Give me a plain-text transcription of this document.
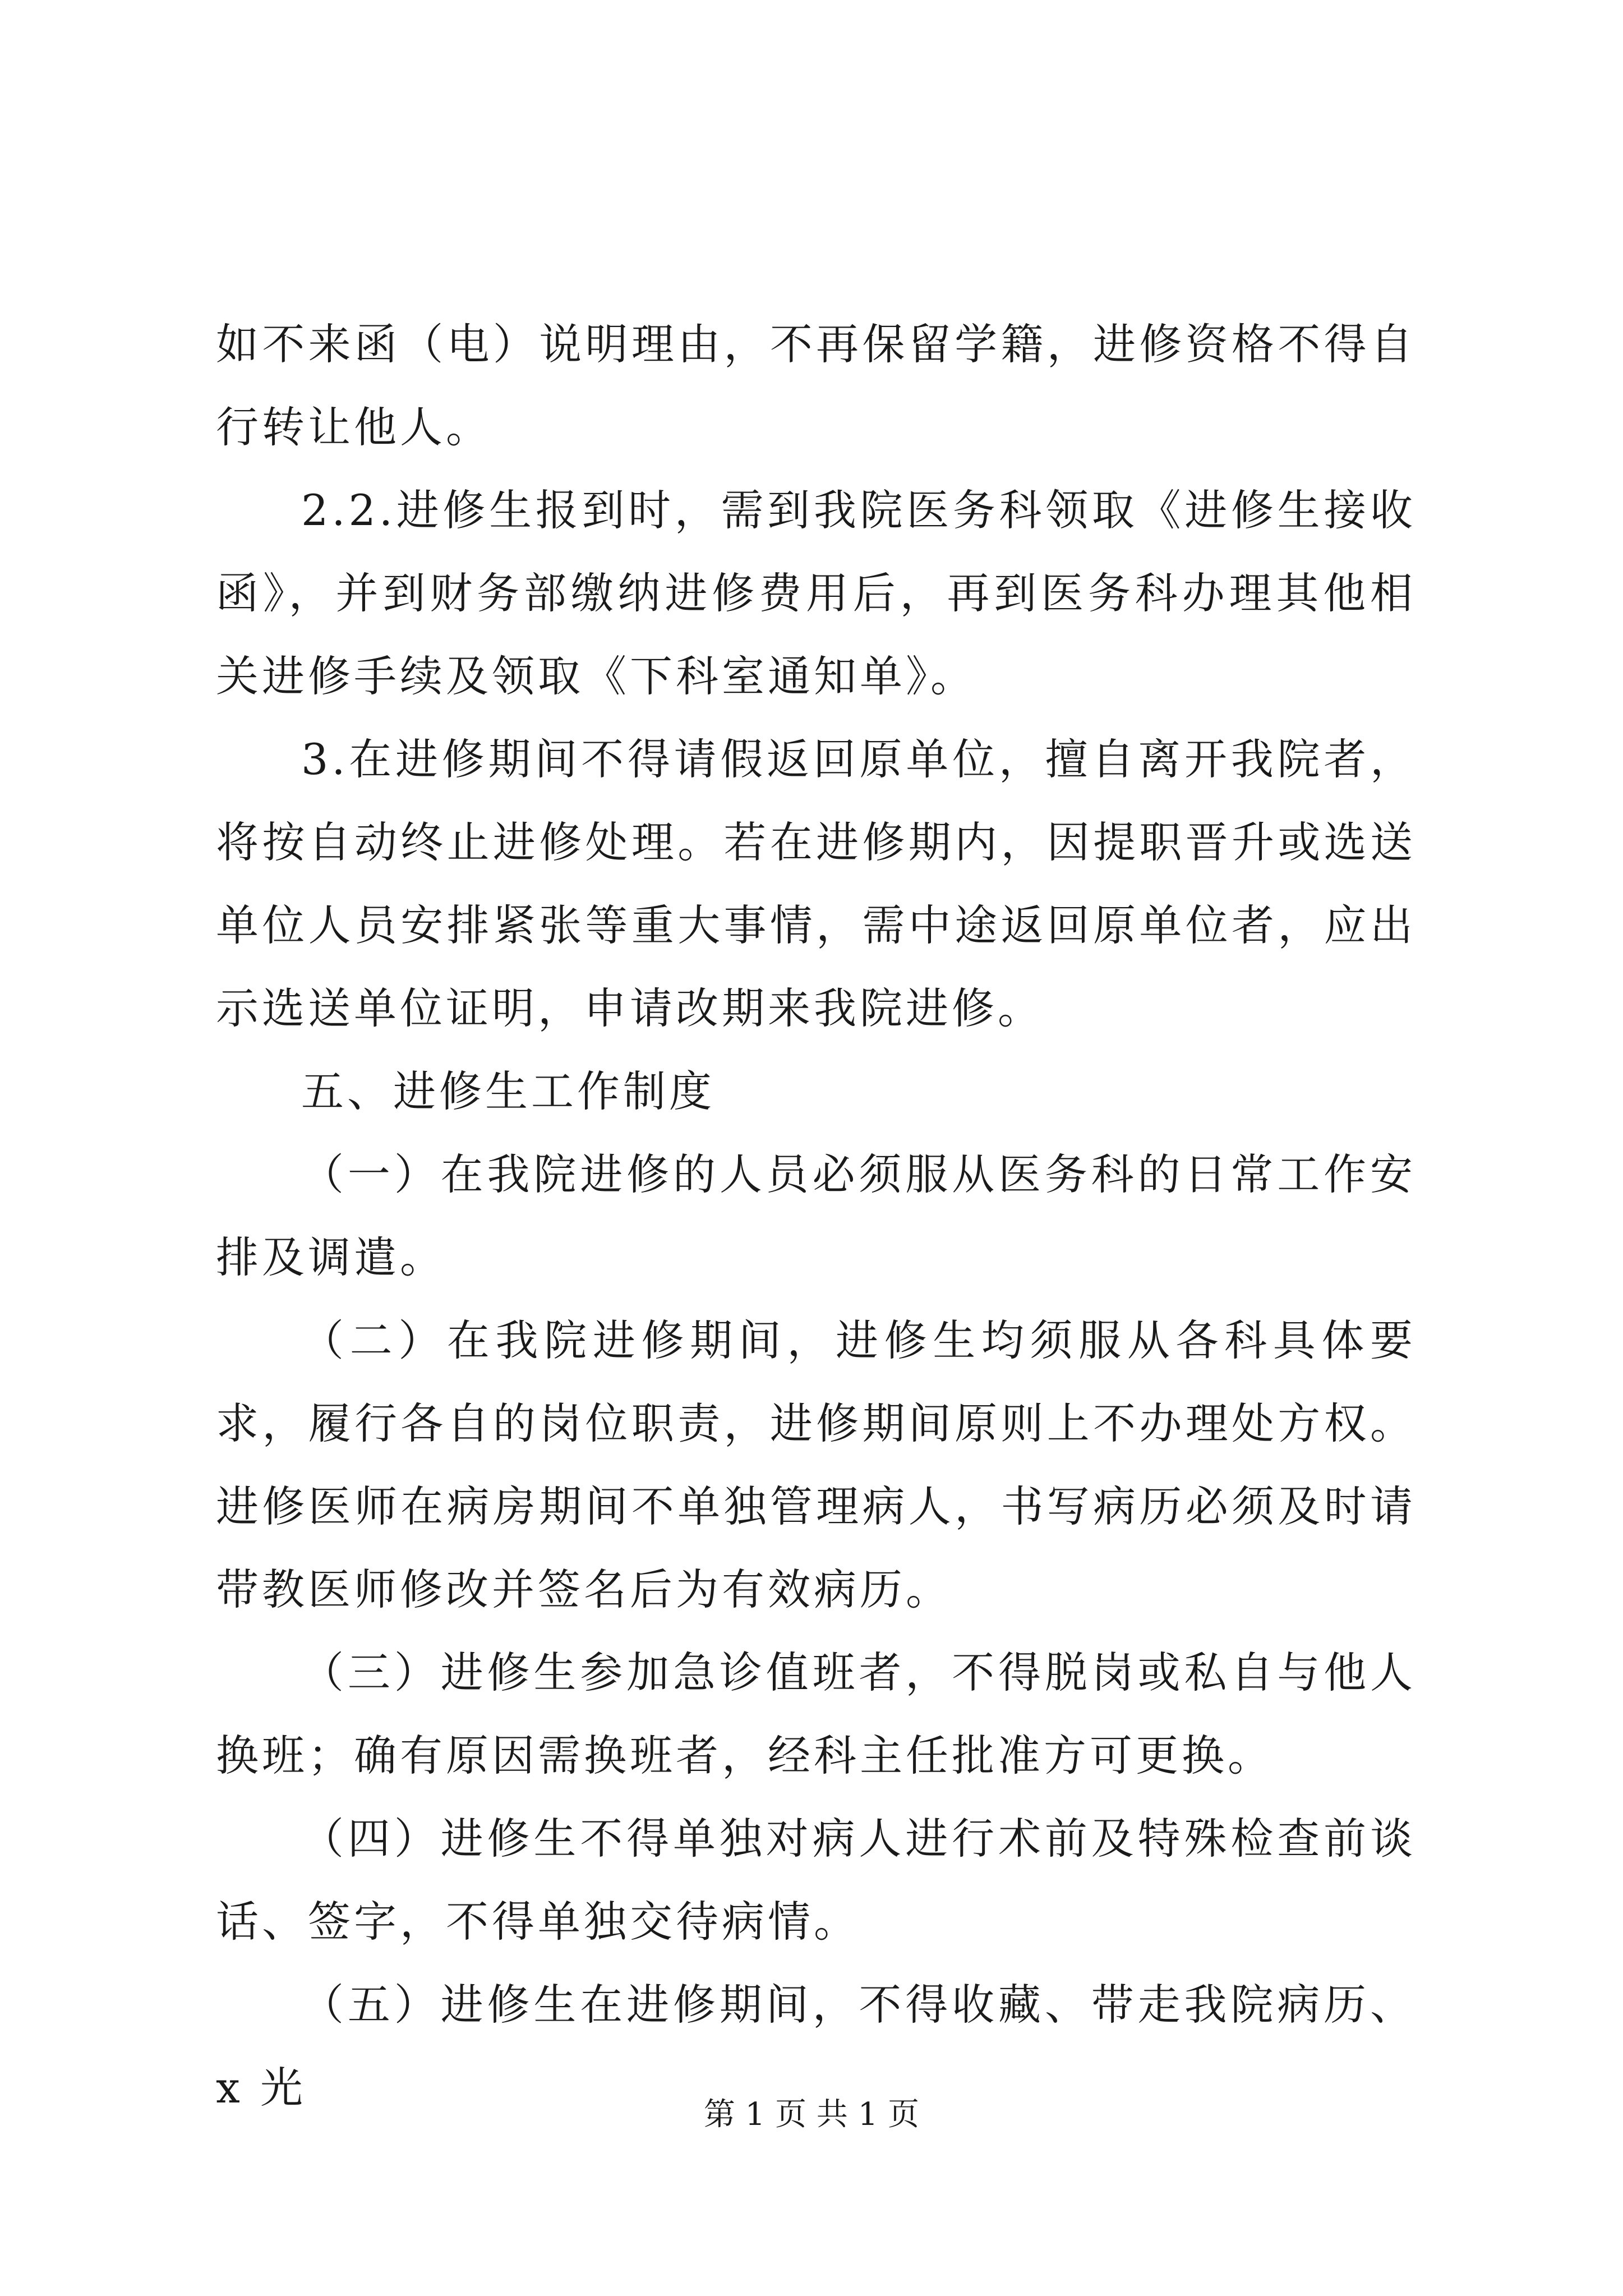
如不来函（电）说明理由，不再保留学籍，进修资格不得自行转让他人。

2.2.进修生报到时，需到我院医务科领取《进修生接收函》，并到财务部缴纳进修费用后，再到医务科办理其他相关进修手续及领取《下科室通知单》。

3.在进修期间不得请假返回原单位，擅自离开我院者，将按自动终止进修处理。若在进修期内，因提职晋升或选送单位人员安排紧张等重大事情，需中途返回原单位者，应出示选送单位证明，申请改期来我院进修。

五、进修生工作制度

（一）在我院进修的人员必须服从医务科的日常工作安排及调遣。

（二）在我院进修期间，进修生均须服从各科具体要求，履行各自的岗位职责，进修期间原则上不办理处方权。进修医师在病房期间不单独管理病人，书写病历必须及时请带教医师修改并签名后为有效病历。

（三）进修生参加急诊值班者，不得脱岗或私自与他人换班；确有原因需换班者，经科主任批准方可更换。

（四）进修生不得单独对病人进行术前及特殊检查前谈话、签字，不得单独交待病情。

（五）进修生在进修期间，不得收藏、带走我院病历、x 光

第 1 页 共 1 页
